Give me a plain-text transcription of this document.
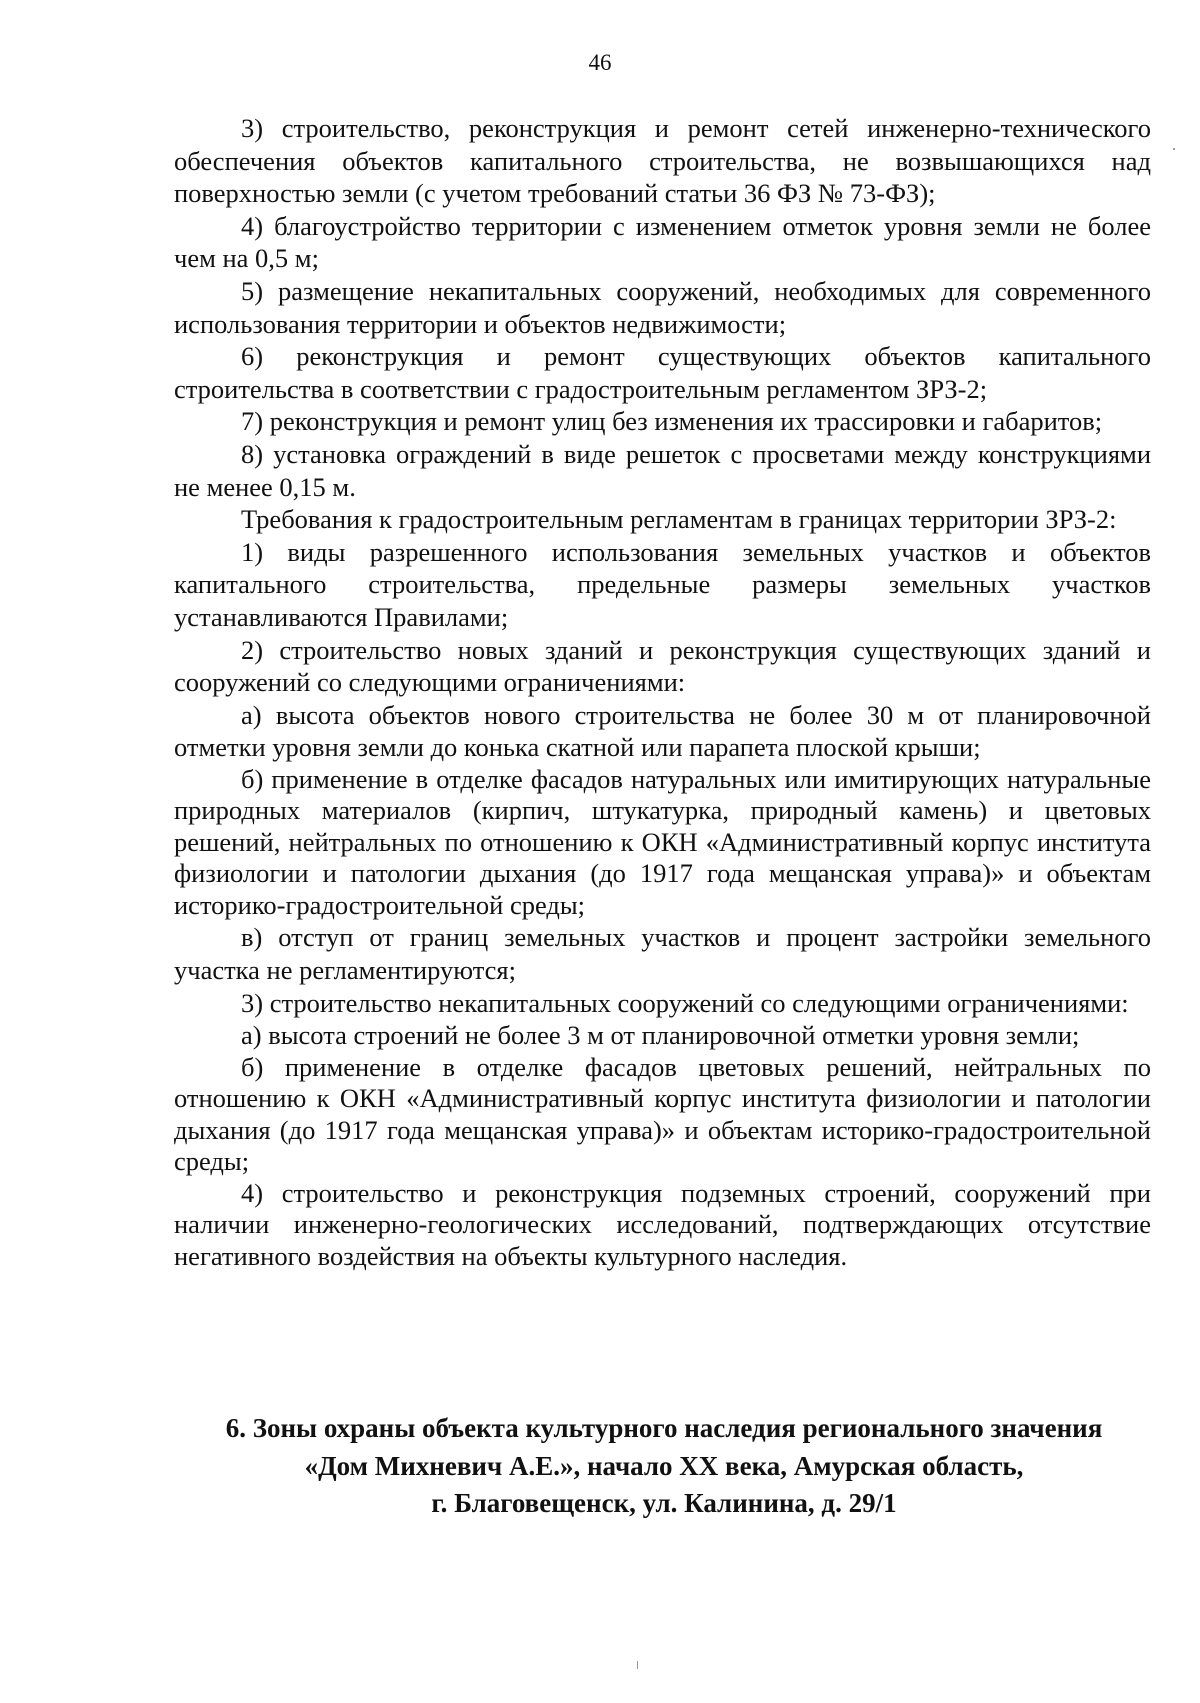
46

3) строительство, реконструкция и ремонт сетей инженерно-технического обеспечения объектов капитального строительства, не возвышающихся над поверхностью земли (с учетом требований статьи 36 ФЗ № 73-ФЗ);

4) благоустройство территории с изменением отметок уровня земли не более чем на 0,5 м;

5) размещение некапитальных сооружений, необходимых для современного использования территории и объектов недвижимости;

6) реконструкция и ремонт существующих объектов капитального строительства в соответствии с градостроительным регламентом ЗРЗ-2;

7) реконструкция и ремонт улиц без изменения их трассировки и габаритов;

8) установка ограждений в виде решеток с просветами между конструкциями не менее 0,15 м.

Требования к градостроительным регламентам в границах территории ЗРЗ-2:

1) виды разрешенного использования земельных участков и объектов капитального строительства, предельные размеры земельных участков устанавливаются Правилами;

2) строительство новых зданий и реконструкция существующих зданий и сооружений со следующими ограничениями:

а) высота объектов нового строительства не более 30 м от планировочной отметки уровня земли до конька скатной или парапета плоской крыши;

б) применение в отделке фасадов натуральных или имитирующих натуральные природных материалов (кирпич, штукатурка, природный камень) и цветовых решений, нейтральных по отношению к ОКН «Административный корпус института физиологии и патологии дыхания (до 1917 года мещанская управа)» и объектам историко-градостроительной среды;

в) отступ от границ земельных участков и процент застройки земельного участка не регламентируются;

3) строительство некапитальных сооружений со следующими ограничениями:

а) высота строений не более 3 м от планировочной отметки уровня земли;

б) применение в отделке фасадов цветовых решений, нейтральных по отношению к ОКН «Административный корпус института физиологии и патологии дыхания (до 1917 года мещанская управа)» и объектам историко-градостроительной среды;

4) строительство и реконструкция подземных строений, сооружений при наличии инженерно-геологических исследований, подтверждающих отсутствие негативного воздействия на объекты культурного наследия.

6. Зоны охраны объекта культурного наследия регионального значения
«Дом Михневич А.Е.», начало XX века, Амурская область,
г. Благовещенск, ул. Калинина, д. 29/1
